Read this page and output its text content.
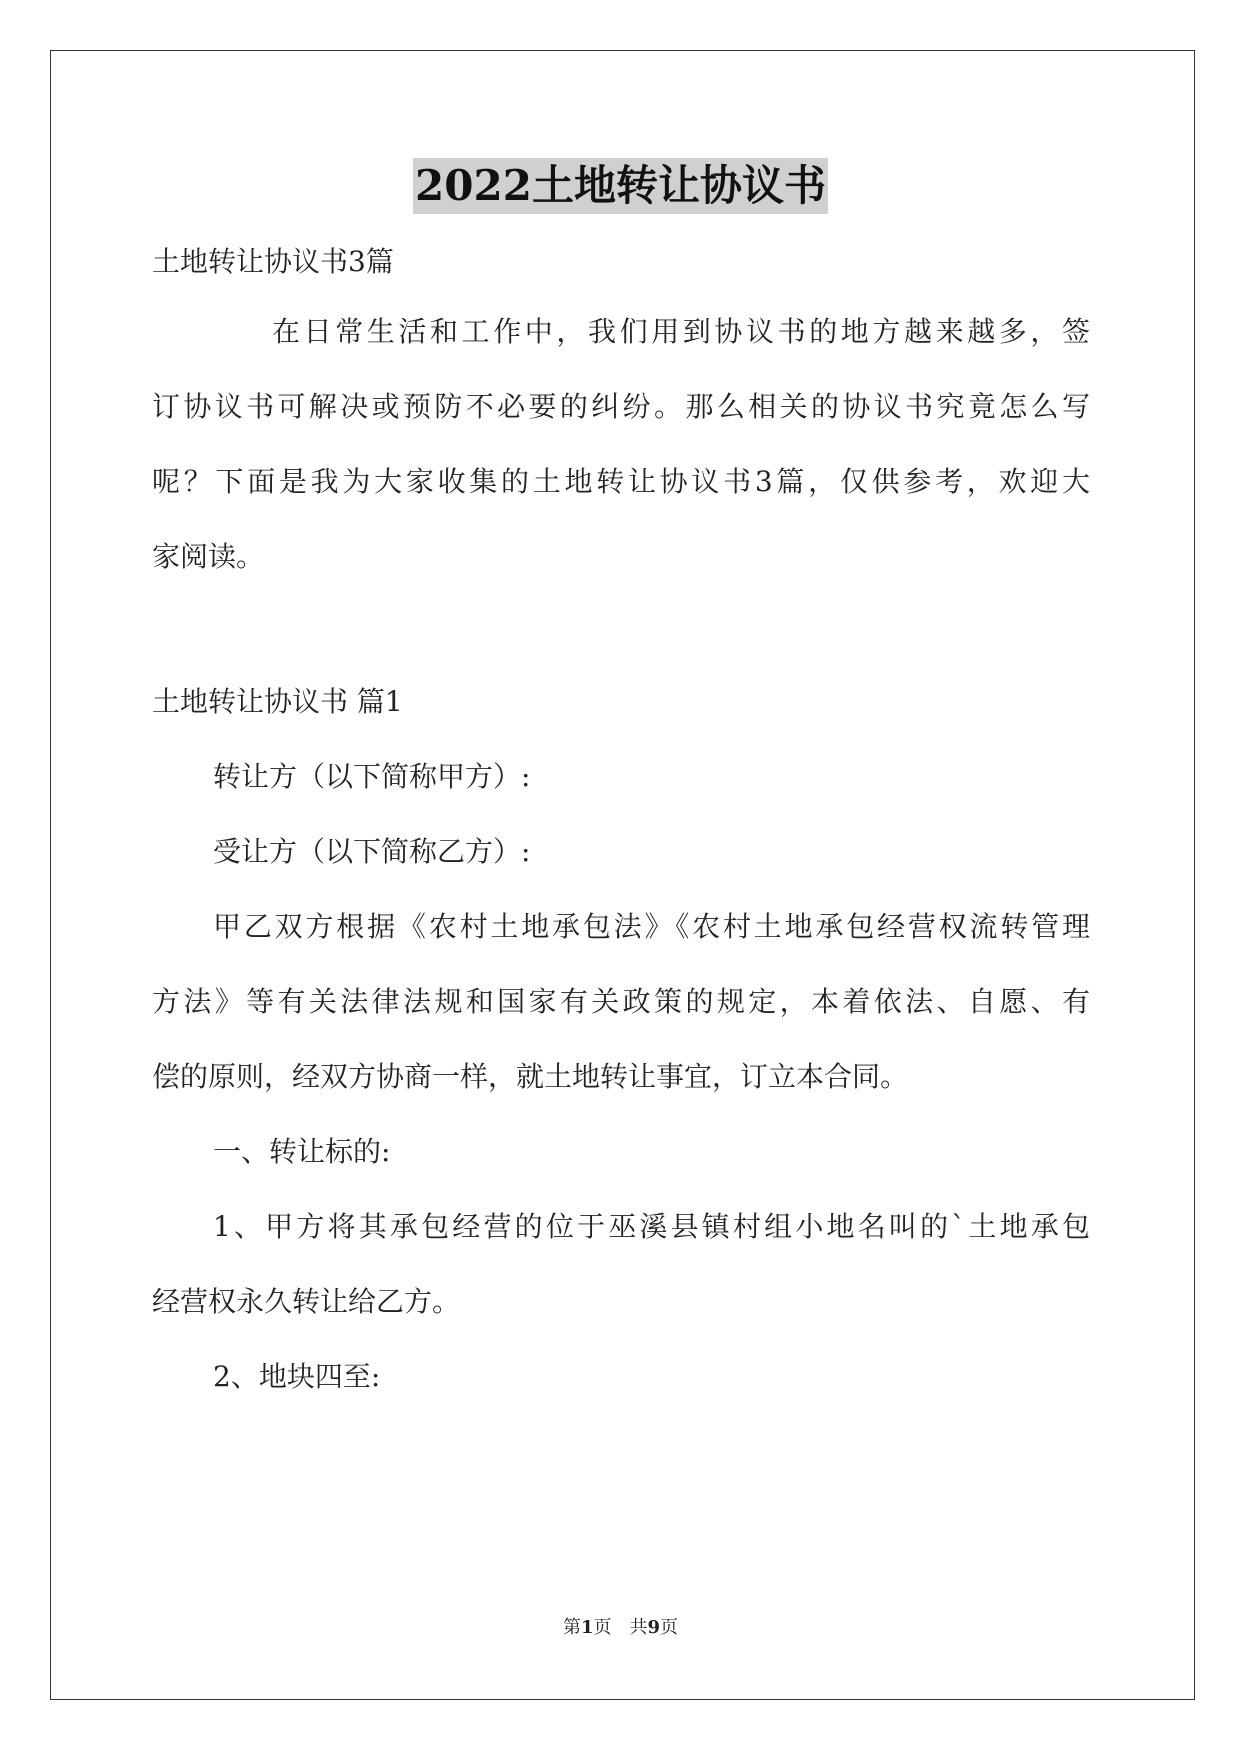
2022土地转让协议书
土地转让协议书3篇
在日常生活和工作中，我们用到协议书的地方越来越多，签
订协议书可解决或预防不必要的纠纷。那么相关的协议书究竟怎么写
呢？下面是我为大家收集的土地转让协议书3篇，仅供参考，欢迎大
家阅读。
土地转让协议书 篇1
转让方（以下简称甲方）:
受让方（以下简称乙方）:
甲乙双方根据《农村土地承包法》《农村土地承包经营权流转管理
方法》等有关法律法规和国家有关政策的规定，本着依法、自愿、有
偿的原则，经双方协商一样，就土地转让事宜，订立本合同。
一、转让标的:
1、甲方将其承包经营的位于巫溪县镇村组小地名叫的`土地承包
经营权永久转让给乙方。
2、地块四至:
第1页　共9页
